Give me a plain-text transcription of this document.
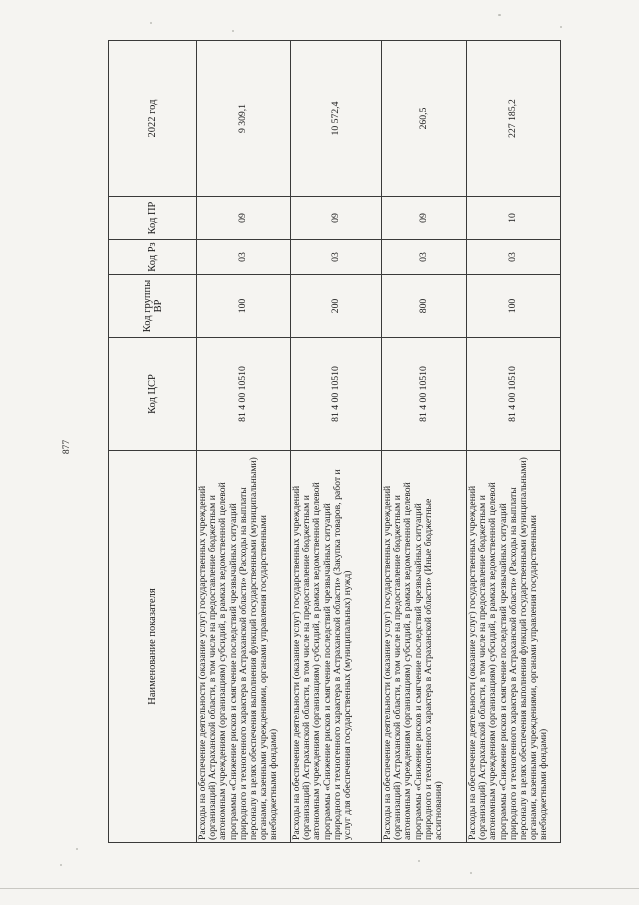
877
Наименование показателя	Код ЦСР	Код группы ВР	Код Рз	Код ПР	2022 год
Расходы на обеспечение деятельности (оказание услуг) государственных учреждений (организаций) Астраханской области, в том числе на предоставление бюджетным и автономным учреждениям (организациям) субсидий, в рамках ведомственной целевой программы «Снижение рисков и смягчение последствий чрезвычайных ситуаций природного и техногенного характера в Астраханской области» (Расходы на выплаты персоналу в целях обеспечения выполнения функций государственными (муниципальными) органами, казенными учреждениями, органами управления государственными внебюджетными фондами)	81 4 00 10510	100	03	09	9 309,1
Расходы на обеспечение деятельности (оказание услуг) государственных учреждений (организаций) Астраханской области, в том числе на предоставление бюджетным и автономным учреждениям (организациям) субсидий, в рамках ведомственной целевой программы «Снижение рисков и смягчение последствий чрезвычайных ситуаций природного и техногенного характера в Астраханской области» (Закупка товаров, работ и услуг для обеспечения государственных (муниципальных) нужд)	81 4 00 10510	200	03	09	10 572,4
Расходы на обеспечение деятельности (оказание услуг) государственных учреждений (организаций) Астраханской области, в том числе на предоставление бюджетным и автономным учреждениям (организациям) субсидий, в рамках ведомственной целевой программы «Снижение рисков и смягчение последствий чрезвычайных ситуаций природного и техногенного характера в Астраханской области» (Иные бюджетные ассигнования)	81 4 00 10510	800	03	09	260,5
Расходы на обеспечение деятельности (оказание услуг) государственных учреждений (организаций) Астраханской области, в том числе на предоставление бюджетным и автономным учреждениям (организациям) субсидий, в рамках ведомственной целевой программы «Снижение рисков и смягчение последствий чрезвычайных ситуаций природного и техногенного характера в Астраханской области» (Расходы на выплаты персоналу в целях обеспечения выполнения функций государственными (муниципальными) органами, казенными учреждениями, органами управления государственными внебюджетными фондами)	81 4 00 10510	100	03	10	227 185,2
